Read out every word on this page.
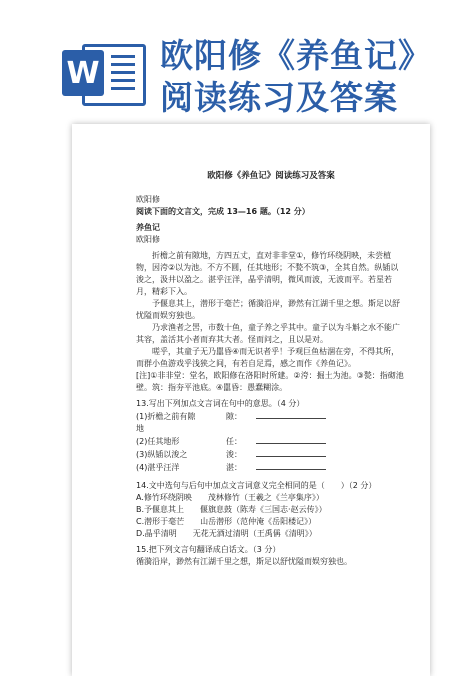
W 欧阳修《养鱼记》
阅读练习及答案
欧阳修《养鱼记》阅读练习及答案

欧阳修

阅读下面的文言文，完成 13—16 题。（12 分）

养鱼记

欧阳修

折檐之前有隙地，方四五丈，直对非非堂①，修竹环绕阴映，未尝植物，因洿②以为池。不方不圆，任其地形；不甃不筑③，全其自然。纵锸以浚之，汲井以盈之。湛乎汪洋，晶乎清明，微风而波，无波而平。若星若月，精彩下入。

予偃息其上，潜形于毫芒；循漪沿岸，渺然有江湖千里之想。斯足以舒忧隘而娱穷独也。

乃求渔者之罟，市数十鱼，童子养之乎其中。童子以为斗斛之水不能广其容，盖活其小者而弃其大者。怪而问之，且以是对。

嗟乎，其童子无乃嚚昏④而无识者乎！予观巨鱼枯涸在旁，不得其所，而群小鱼游戏乎浅狭之间，有若自足焉，感之而作《养鱼记》。

[注]①非非堂：堂名，欧阳修在洛阳时所建。②洿：掘土为池。③甃：指砌池壁。筑：指夯平池底。④嚚昏：愚蠢糊涂。

13.写出下列加点文言词在句中的意思。（4 分）

(1)折檐之前有隙地
隙：
(2)任其地形	任：
(3)纵锸以浚之	浚：
(4)湛乎汪洋	湛：

14.文中选句与后句中加点文言词意义完全相同的是（　　）（2 分）

A.修竹环绕阴映　　茂林修竹（王羲之《兰亭集序》）

B.予偃息其上　　偃旗息鼓（陈寿《三国志·赵云传》）

C.潜形于毫芒　　山岳潜形（范仲淹《岳阳楼记》）

D.晶乎清明　　无花无酒过清明（王禹偁《清明》）

15.把下列文言句翻译成白话文。（3 分）

循漪沿岸，渺然有江湖千里之想，斯足以舒忧隘而娱穷独也。
